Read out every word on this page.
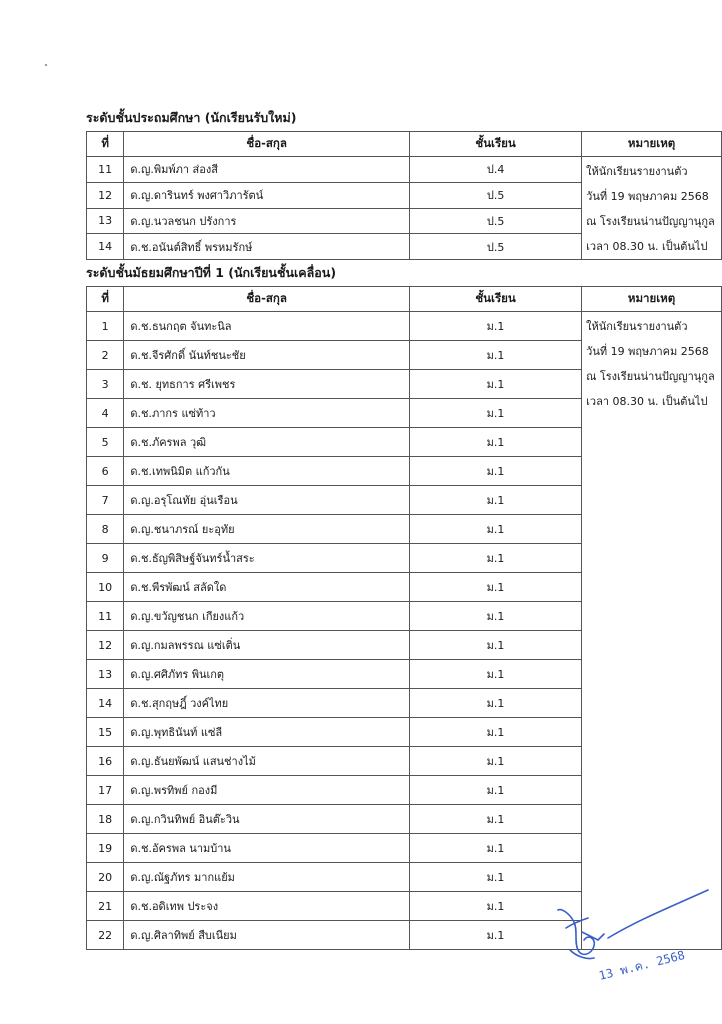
ระดับชั้นประถมศึกษา (นักเรียนรับใหม่)
ที่	ชื่อ-สกุล	ชั้นเรียน	หมายเหตุ
11	ด.ญ.พิมพ์ภา ส่องสี	ป.4	ให้นักเรียนรายงานตัว
วันที่ 19 พฤษภาคม 2568
ณ โรงเรียนน่านปัญญานุกูล
เวลา 08.30 น. เป็นต้นไป

12	ด.ญ.ดารินทร์ พงศาวิภารัตน์	ป.5	
13	ด.ญ.นวลชนก ปรังการ	ป.5	
14	ด.ช.อนันต์สิทธิ์ พรหมรักษ์	ป.5	
ระดับชั้นมัธยมศึกษาปีที่ 1 (นักเรียนชั้นเคลื่อน)
ที่	ชื่อ-สกุล	ชั้นเรียน	หมายเหตุ
1	ด.ช.ธนกฤต จันทะนิล	ม.1	ให้นักเรียนรายงานตัว
วันที่ 19 พฤษภาคม 2568
ณ โรงเรียนน่านปัญญานุกูล
เวลา 08.30 น. เป็นต้นไป

2	ด.ช.จีรศักดิ์ นันท์ชนะชัย	ม.1	
3	ด.ช. ยุทธการ ศรีเพชร	ม.1	
4	ด.ช.ภากร แซ่ท้าว	ม.1	
5	ด.ช.ภัครพล วุฒิ	ม.1	
6	ด.ช.เทพนิมิต แก้วกัน	ม.1	
7	ด.ญ.อรุโณทัย อุ่นเรือน	ม.1	
8	ด.ญ.ชนาภรณ์ ยะอุทัย	ม.1	
9	ด.ช.ธัญพิสิษฐ์จันทร์น้ำสระ	ม.1	
10	ด.ช.พีรพัฒน์ สลัดใด	ม.1	
11	ด.ญ.ขวัญชนก เกียงแก้ว	ม.1	
12	ด.ญ.กมลพรรณ แซ่เติ่น	ม.1	
13	ด.ญ.ศศิภัทร พินเกตุ	ม.1	
14	ด.ช.สุกฤษฎิ์ วงค์ไทย	ม.1	
15	ด.ญ.พุทธินันท์ แซ่ลี	ม.1	
16	ด.ญ.ธันยพัฒน์ แสนช่างไม้	ม.1	
17	ด.ญ.พรทิพย์ กองมี	ม.1	
18	ด.ญ.กวินทิพย์ อินต๊ะวิน	ม.1	
19	ด.ช.อัครพล นามบ้าน	ม.1	
20	ด.ญ.ณัฐภัทร มากแย้ม	ม.1	
21	ด.ช.อดิเทพ ประจง	ม.1	
22	ด.ญ.ศิลาทิพย์ สืบเนียม	ม.1	
13 พ.ค. 2568
